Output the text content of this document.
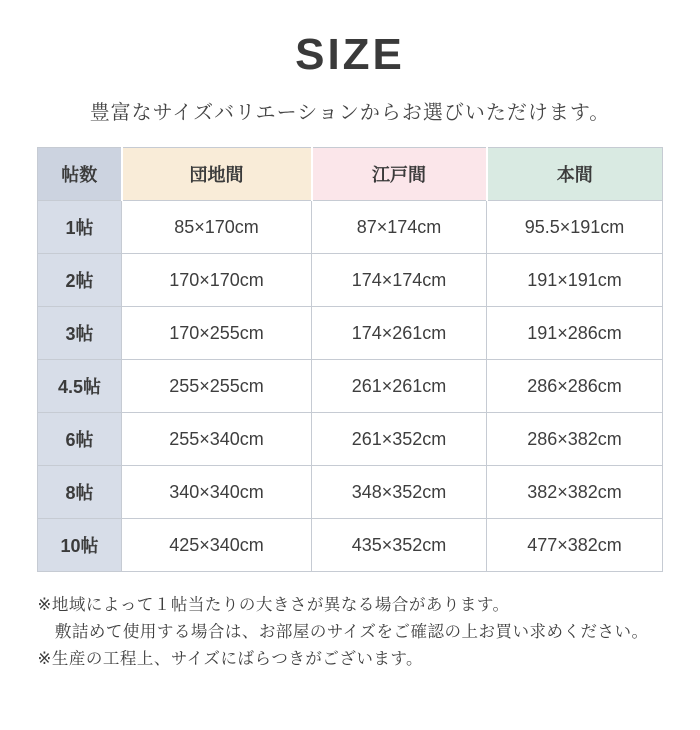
SIZE

豊富なサイズバリエーションからお選びいただけます。

帖数	団地間	江戸間	本間
1帖	85×170cm	87×174cm	95.5×191cm
2帖	170×170cm	174×174cm	191×191cm
3帖	170×255cm	174×261cm	191×286cm
4.5帖	255×255cm	261×261cm	286×286cm
6帖	255×340cm	261×352cm	286×382cm
8帖	340×340cm	348×352cm	382×382cm
10帖	425×340cm	435×352cm	477×382cm
※地域によって１帖当たりの大きさが異なる場合があります。
敷詰めて使用する場合は、お部屋のサイズをご確認の上お買い求めください。
※生産の工程上、サイズにばらつきがございます。
